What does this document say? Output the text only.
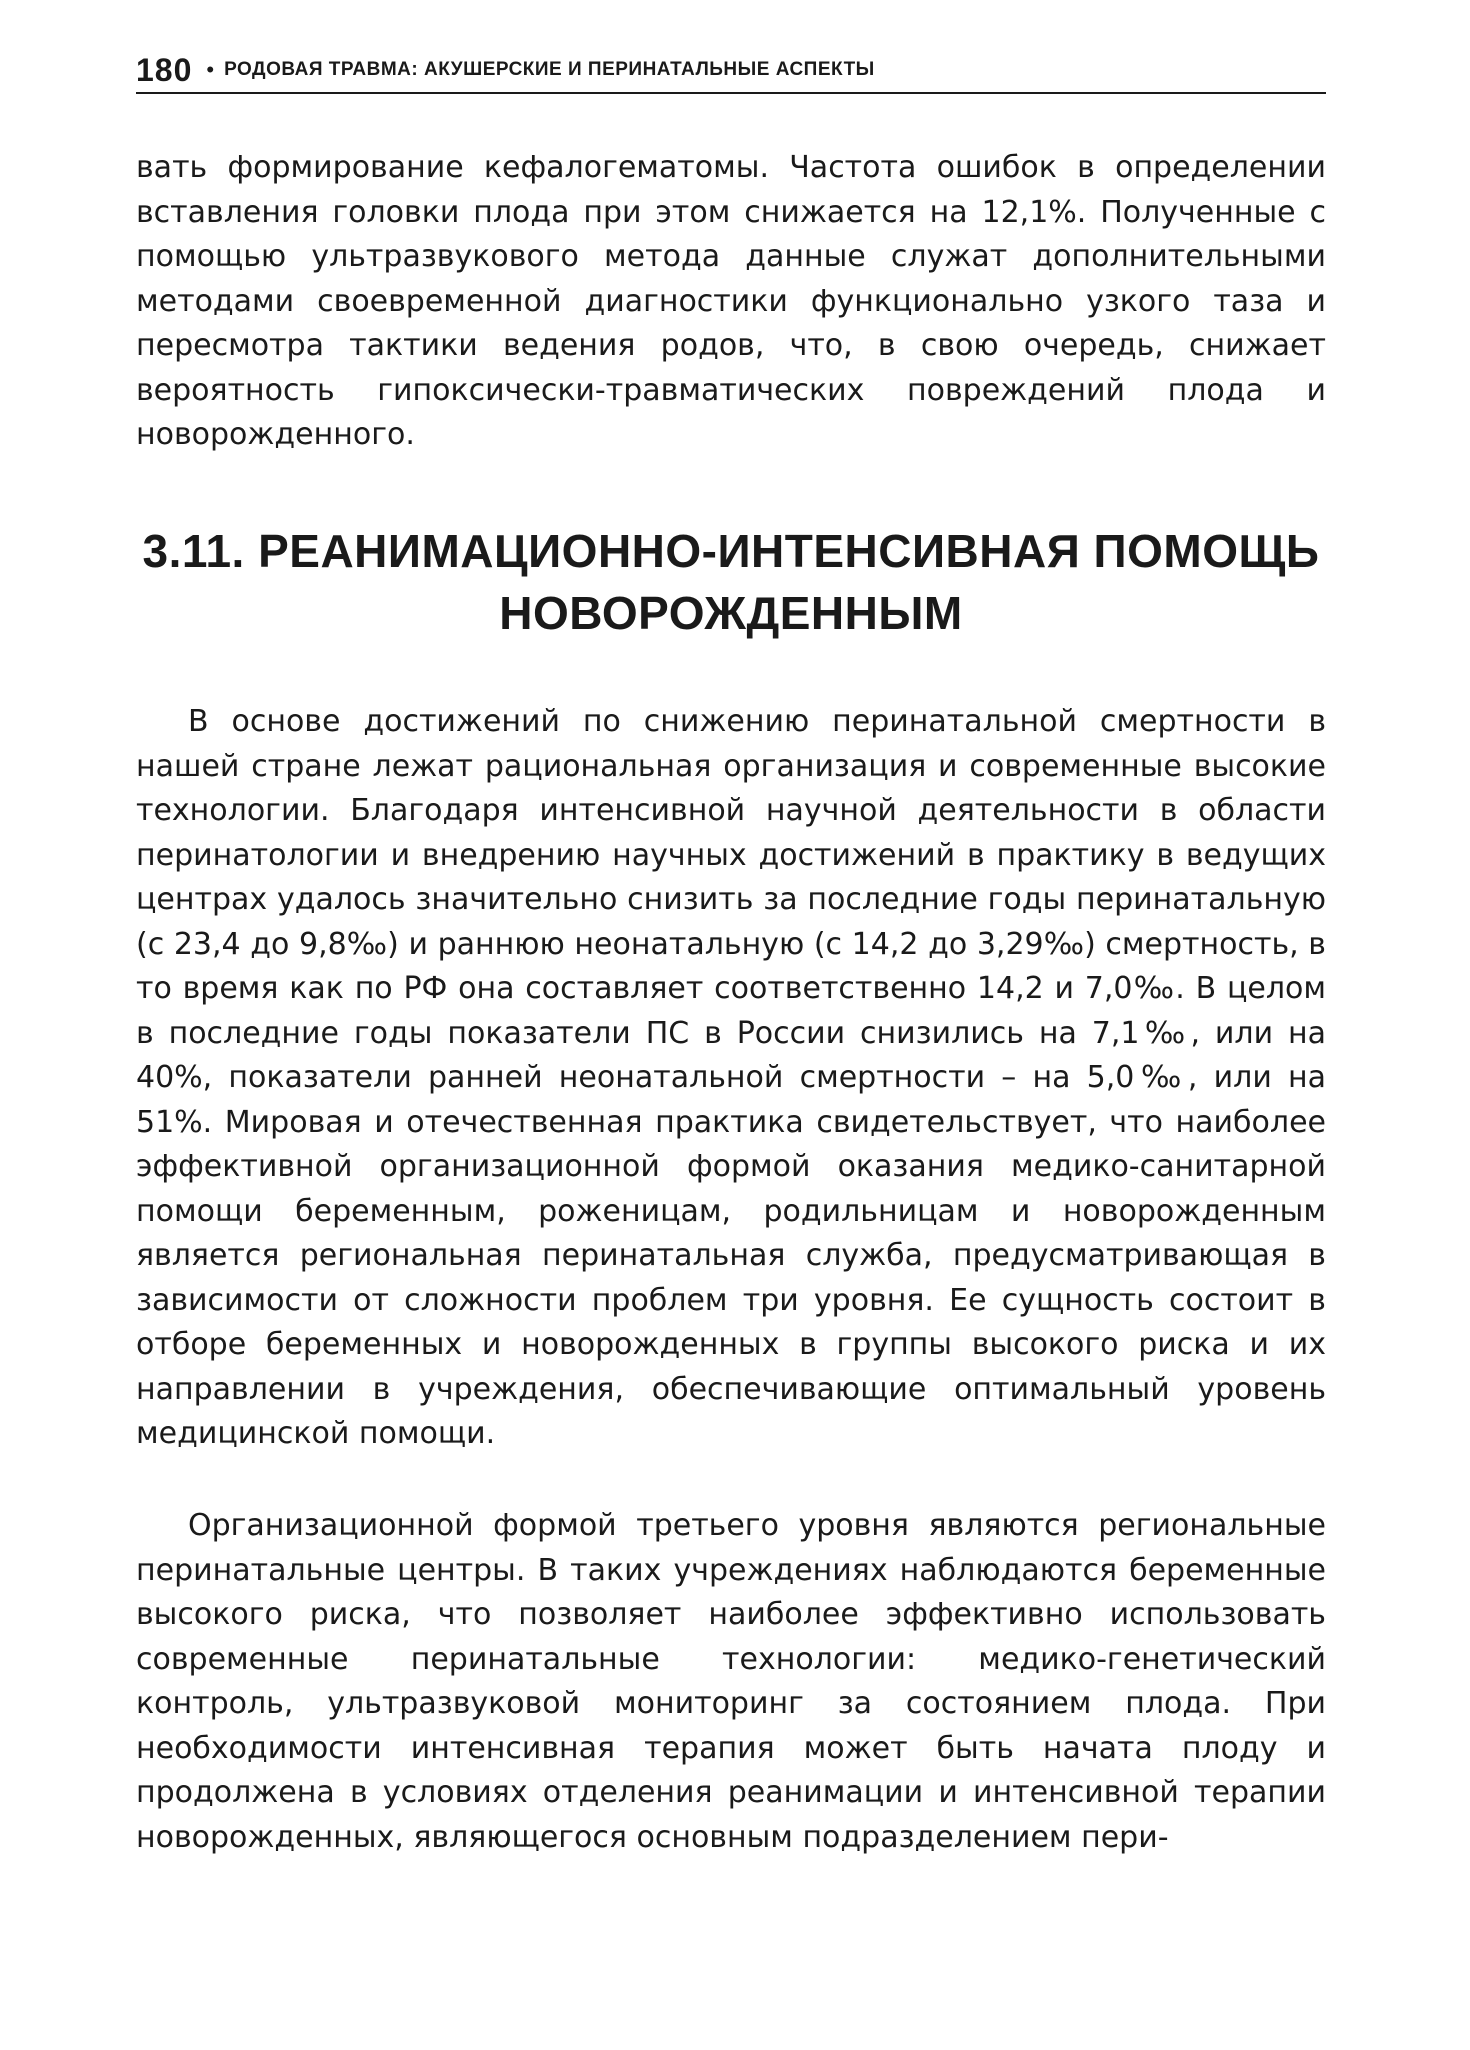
180 • РОДОВАЯ ТРАВМА: АКУШЕРСКИЕ И ПЕРИНАТАЛЬНЫЕ АСПЕКТЫ

вать формирование кефалогематомы. Частота ошибок в определении вставления головки плода при этом снижается на 12,1%. Полученные с помощью ультразвукового метода данные служат дополнительными методами своевременной диагностики функционально узкого таза и пересмотра тактики ведения родов, что, в свою очередь, снижает вероятность гипоксически-травматических повреждений плода и новорожденного.

3.11. РЕАНИМАЦИОННО-ИНТЕНСИВНАЯ ПОМОЩЬ
НОВОРОЖДЕННЫМ

В основе достижений по снижению перинатальной смертности в нашей стране лежат рациональная организация и современные высокие технологии. Благодаря интенсивной научной деятельности в области перинатологии и внедрению научных достижений в практику в ведущих центрах удалось значительно снизить за последние годы перинатальную (с 23,4 до 9,8‰) и раннюю неонатальную (с 14,2 до 3,29‰) смертность, в то время как по РФ она составляет соответственно 14,2 и 7,0‰. В целом в последние годы показатели ПС в России снизились на 7,1‰, или на 40%, показатели ранней неонатальной смертности – на 5,0‰, или на 51%. Мировая и отечественная практика свидетельствует, что наиболее эффективной организационной формой оказания медико-санитарной помощи беременным, роженицам, родильницам и новорожденным является региональная перинатальная служба, предусматривающая в зависимости от сложности проблем три уровня. Ее сущность состоит в отборе беременных и новорожденных в группы высокого риска и их направлении в учреждения, обеспечивающие оптимальный уровень медицинской помощи.

Организационной формой третьего уровня являются региональные перинатальные центры. В таких учреждениях наблюдаются беременные высокого риска, что позволяет наиболее эффективно использовать современные перинатальные технологии: медико-генетический контроль, ультразвуковой мониторинг за состоянием плода. При необходимости интенсивная терапия может быть начата плоду и продолжена в условиях отделения реанимации и интенсивной терапии новорожденных, являющегося основным подразделением пери-
